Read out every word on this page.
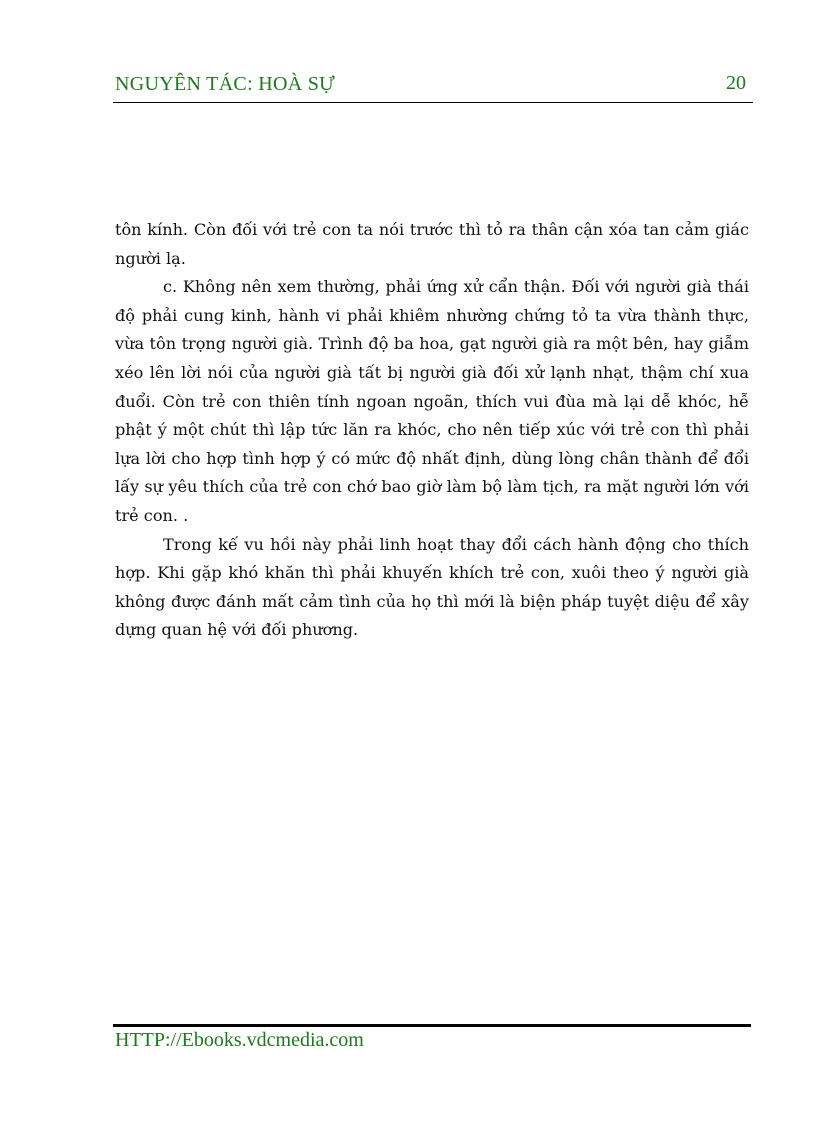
NGUYÊN TÁC: HOÀ SỰ	20

tôn kính. Còn đối với trẻ con ta nói trước thì tỏ ra thân cận xóa tan cảm giác người lạ.

c. Không nên xem thường, phải ứng xử cẩn thận. Đối với người già thái độ phải cung kinh, hành vi phải khiêm nhường chứng tỏ ta vừa thành thực, vừa tôn trọng người già. Trình độ ba hoa, gạt người già ra một bên, hay giẫm xéo lên lời nói của người già tất bị người già đối xử lạnh nhạt, thậm chí xua đuổi. Còn trẻ con thiên tính ngoan ngoãn, thích vui đùa mà lại dễ khóc, hễ phật ý một chút thì lập tức lăn ra khóc, cho nên tiếp xúc với trẻ con thì phải lựa lời cho hợp tình hợp ý có mức độ nhất định, dùng lòng chân thành để đổi lấy sự yêu thích của trẻ con chớ bao giờ làm bộ làm tịch, ra mặt người lớn với trẻ con. .

Trong kế vu hồi này phải linh hoạt thay đổi cách hành động cho thích hợp. Khi gặp khó khăn thì phải khuyến khích trẻ con, xuôi theo ý người già không được đánh mất cảm tình của họ thì mới là biện pháp tuyệt diệu để xây dựng quan hệ với đối phương.

HTTP://Ebooks.vdcmedia.com
